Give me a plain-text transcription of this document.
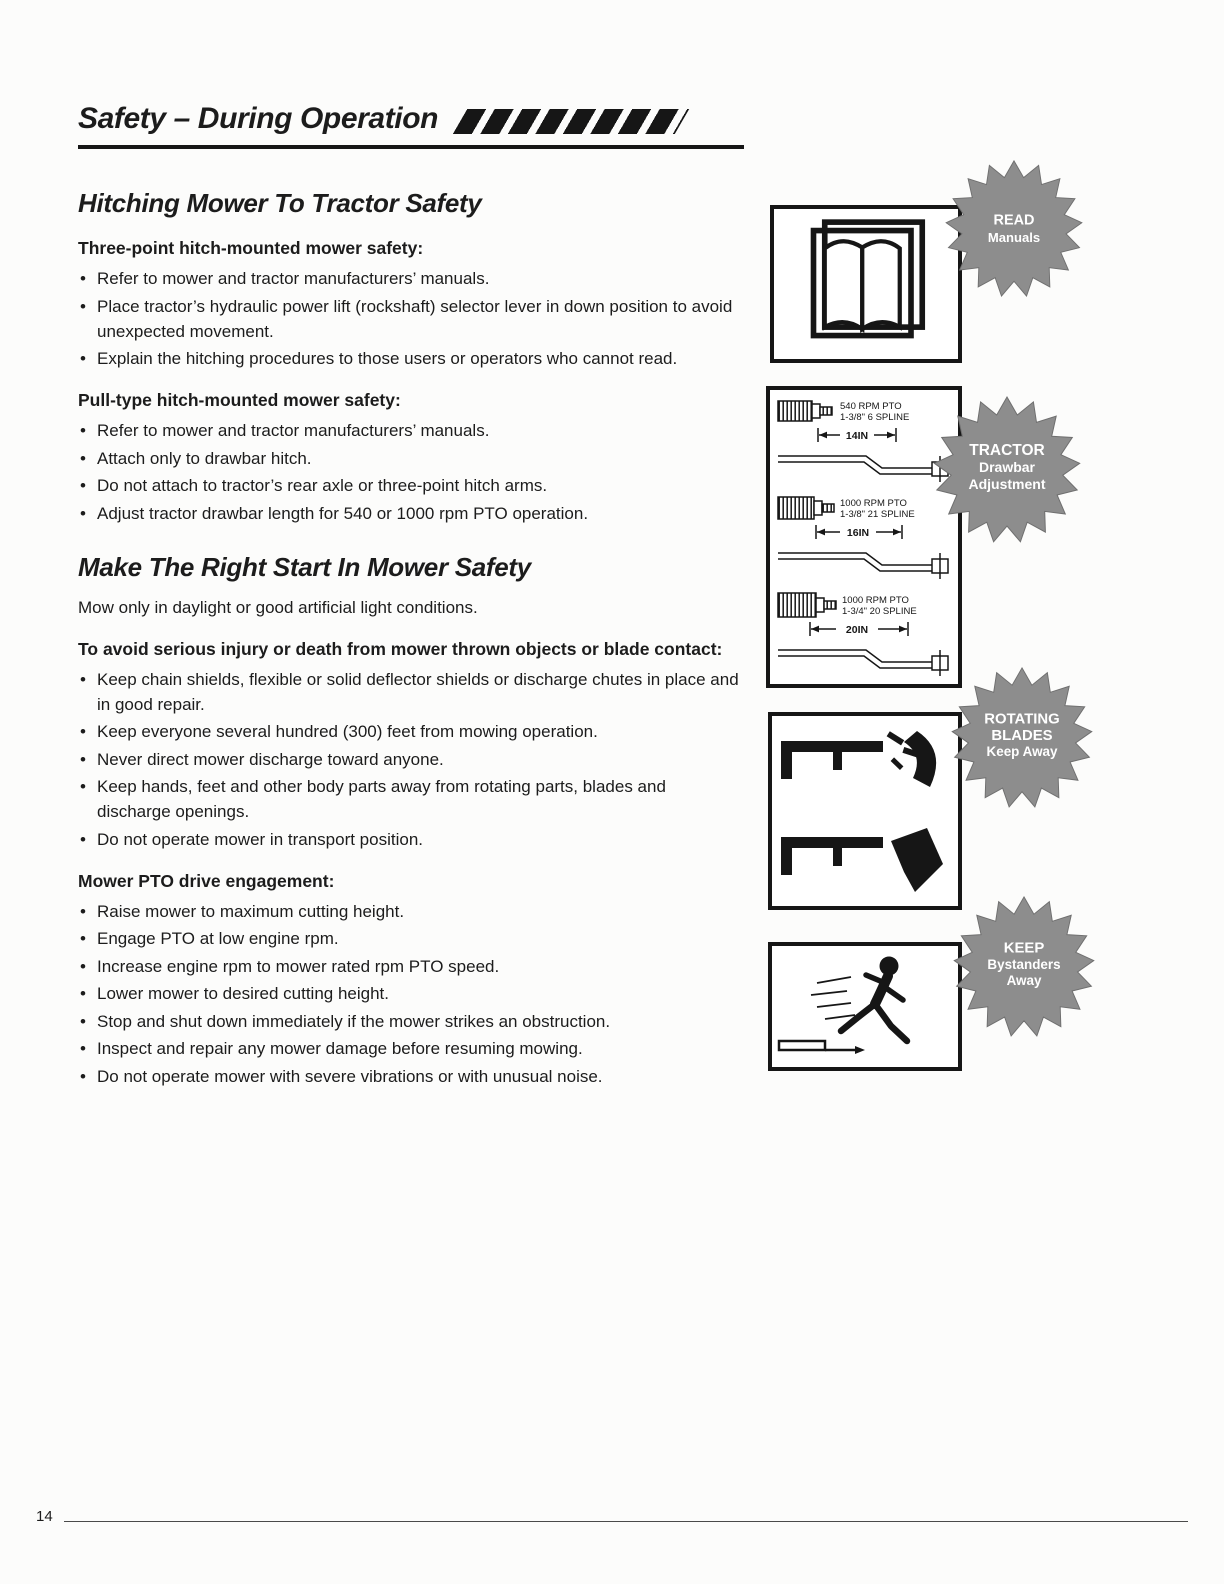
Safety – During Operation
Hitching Mower To Tractor Safety
Three-point hitch-mounted mower safety:
• Refer to mower and tractor manufacturers’ manuals.
• Place tractor’s hydraulic power lift (rockshaft) selector lever in down position to avoid unexpected movement.
• Explain the hitching procedures to those users or operators who cannot read.
Pull-type hitch-mounted mower safety:
• Refer to mower and tractor manufacturers’ manuals.
• Attach only to drawbar hitch.
• Do not attach to tractor’s rear axle or three-point hitch arms.
• Adjust tractor drawbar length for 540 or 1000 rpm PTO operation.
Make The Right Start In Mower Safety

Mow only in daylight or good artificial light conditions.

To avoid serious injury or death from mower thrown objects or blade contact:
• Keep chain shields, flexible or solid deflector shields or discharge chutes in place and in good repair.
• Keep everyone several hundred (300) feet from mowing operation.
• Never direct mower discharge toward anyone.
• Keep hands, feet and other body parts away from rotating parts, blades and discharge openings.
• Do not operate mower in transport position.
Mower PTO drive engagement:
• Raise mower to maximum cutting height.
• Engage PTO at low engine rpm.
• Increase engine rpm to mower rated rpm PTO speed.
• Lower mower to desired cutting height.
• Stop and shut down immediately if the mower strikes an obstruction.
• Inspect and repair any mower damage before resuming mowing.
• Do not operate mower with severe vibrations or with unusual noise.
READ
Manuals
540 RPM PTO
1-3/8" 6 SPLINE
14IN
1000 RPM PTO
1-3/8" 21 SPLINE
16IN
1000 RPM PTO
1-3/4" 20 SPLINE
20IN
TRACTOR
Drawbar
Adjustment
ROTATING
BLADES
Keep Away
KEEP
Bystanders
Away
14
